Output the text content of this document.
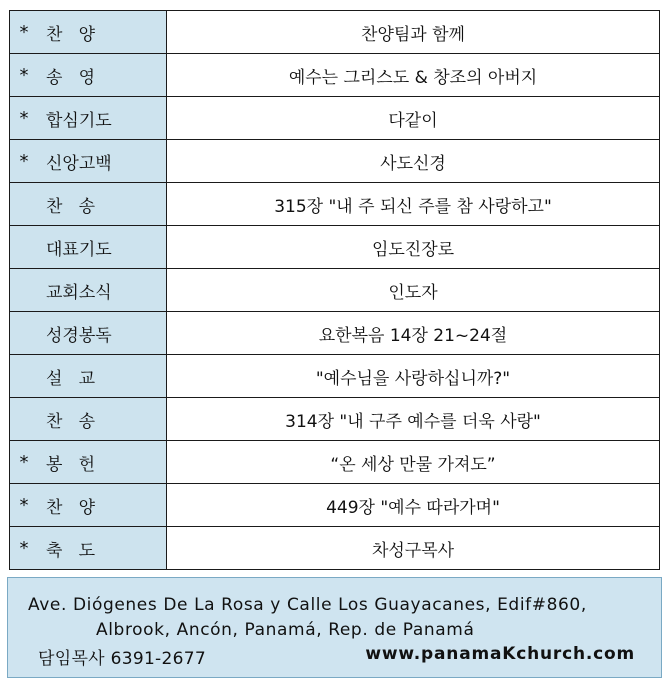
* 찬   양	찬양팀과 함께

* 송   영	예수는 그리스도 & 창조의 아버지

* 합심기도	다같이

* 신앙고백	사도신경

찬   송	315장 "내 주 되신 주를 참 사랑하고"

대표기도	임도진장로

교회소식	인도자

성경봉독	요한복음 14장 21~24절

설   교	"예수님을 사랑하십니까?"

찬   송	314장 "내 구주 예수를 더욱 사랑"

* 봉   헌	“온 세상 만물 가져도”

* 찬   양	449장 "예수 따라가며"

* 축   도	차성구목사
Ave. Diógenes De La Rosa y Calle Los Guayacanes, Edif#860,
Albrook, Ancón, Panamá, Rep. de Panamá
담임목사 6391-2677	www.panamaKchurch.com
